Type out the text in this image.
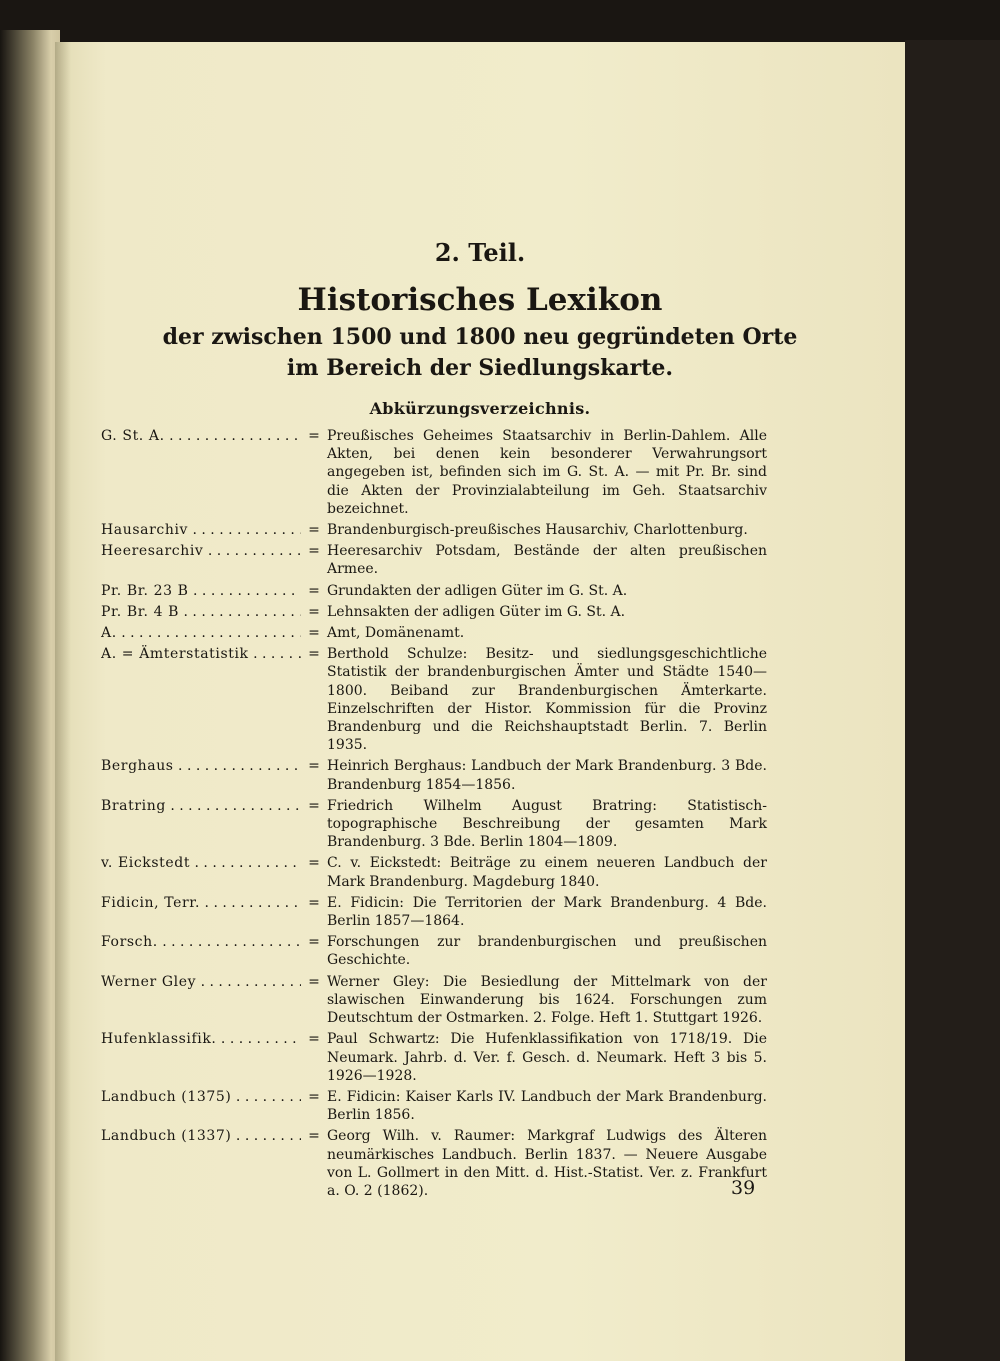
2. Teil.
Historisches Lexikon
der zwischen 1500 und 1800 neu gegründeten Orte
im Bereich der Siedlungskarte.
Abkürzungsverzeichnis.
G. St. A. . . .	= Preußisches Geheimes Staatsarchiv in Berlin-Dahlem. Alle Akten, bei denen kein besonderer Verwahrungsort angegeben ist, befinden sich im G. St. A. — mit Pr. Br. sind die Akten der Provinzialabteilung im Geh. Staatsarchiv bezeichnet.
Hausarchiv . . .	= Brandenburgisch-preußisches Hausarchiv, Charlottenburg.
Heeresarchiv . . .	= Heeresarchiv Potsdam, Bestände der alten preußischen Armee.
Pr. Br. 23 B . . .	= Grundakten der adligen Güter im G. St. A.
Pr. Br. 4 B . . .	= Lehnsakten der adligen Güter im G. St. A.
A. . . .	= Amt, Domänenamt.
A. = Ämterstatistik . . .	= Berthold Schulze: Besitz- und siedlungsgeschichtliche Statistik der brandenburgischen Ämter und Städte 1540—1800. Beiband zur Brandenburgischen Ämterkarte. Einzelschriften der Histor. Kommission für die Provinz Brandenburg und die Reichshauptstadt Berlin. 7. Berlin 1935.
Berghaus . . .	= Heinrich Berghaus: Landbuch der Mark Brandenburg. 3 Bde. Brandenburg 1854—1856.
Bratring . . .	= Friedrich Wilhelm August Bratring: Statistisch-topographische Beschreibung der gesamten Mark Brandenburg. 3 Bde. Berlin 1804—1809.
v. Eickstedt . . .	= C. v. Eickstedt: Beiträge zu einem neueren Landbuch der Mark Brandenburg. Magdeburg 1840.
Fidicin, Terr. . . .	= E. Fidicin: Die Territorien der Mark Brandenburg. 4 Bde. Berlin 1857—1864.
Forsch. . . .	= Forschungen zur brandenburgischen und preußischen Geschichte.
Werner Gley . . .	= Werner Gley: Die Besiedlung der Mittelmark von der slawischen Einwanderung bis 1624. Forschungen zum Deutschtum der Ostmarken. 2. Folge. Heft 1. Stuttgart 1926.
Hufenklassifik. . . .	= Paul Schwartz: Die Hufenklassifikation von 1718/19. Die Neumark. Jahrb. d. Ver. f. Gesch. d. Neumark. Heft 3 bis 5. 1926—1928.
Landbuch (1375) . . .	= E. Fidicin: Kaiser Karls IV. Landbuch der Mark Brandenburg. Berlin 1856.
Landbuch (1337) . . .	= Georg Wilh. v. Raumer: Markgraf Ludwigs des Älteren neumärkisches Landbuch. Berlin 1837. — Neuere Ausgabe von L. Gollmert in den Mitt. d. Hist.-Statist. Ver. z. Frankfurt a. O. 2 (1862).	39
